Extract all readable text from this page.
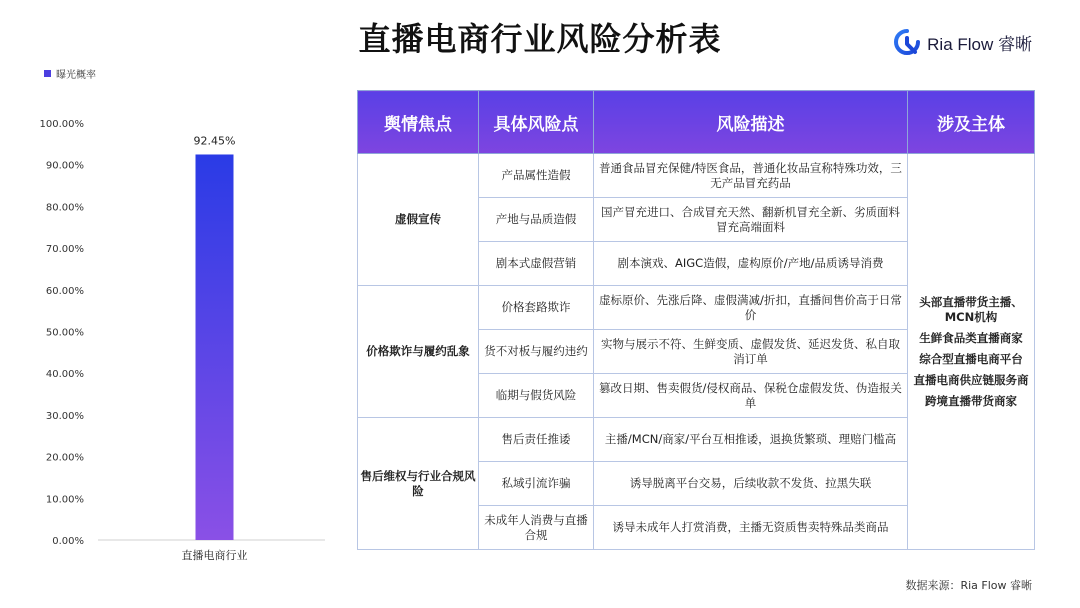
直播电商行业风险分析表	Ria Flow 睿晰
曝光概率
0.00%
10.00%
20.00%
30.00%
40.00%
50.00%
60.00%
70.00%
80.00%
90.00%
100.00%
92.45%
直播电商行业
舆情焦点	具体风险点	风险描述	涉及主体
虚假宣传	产品属性造假	普通食品冒充保健/特医食品，普通化妆品宣称特殊功效，三无产品冒充药品	头部直播带货主播、MCN机构
生鲜食品类直播商家
综合型直播电商平台
直播电商供应链服务商
跨境直播带货商家

	产地与品质造假	国产冒充进口、合成冒充天然、翻新机冒充全新、劣质面料冒充高端面料	
	剧本式虚假营销	剧本演戏、AIGC造假，虚构原价/产地/品质诱导消费	
价格欺诈与履约乱象	价格套路欺诈	虚标原价、先涨后降、虚假满减/折扣，直播间售价高于日常价	
	货不对板与履约违约	实物与展示不符、生鲜变质、虚假发货、延迟发货、私自取消订单	
	临期与假货风险	篡改日期、售卖假货/侵权商品、保税仓虚假发货、伪造报关单	
售后维权与行业合规风险	售后责任推诿	主播/MCN/商家/平台互相推诿，退换货繁琐、理赔门槛高	
	私域引流诈骗	诱导脱离平台交易，后续收款不发货、拉黑失联	
	未成年人消费与直播合规	诱导未成年人打赏消费，主播无资质售卖特殊品类商品	
数据来源：Ria Flow 睿晰
